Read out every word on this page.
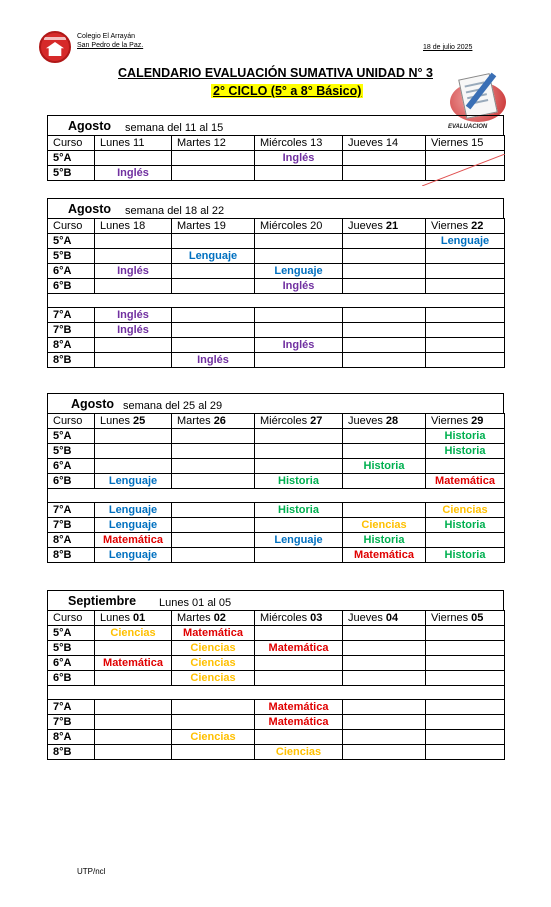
Colegio El Arrayán
San Pedro de la Paz.	18 de julio 2025
CALENDARIO EVALUACIÓN SUMATIVA UNIDAD N° 3
2° CICLO (5° a 8° Básico)
EVALUACION
Agosto semana del 11 al 15
Curso	Lunes 11	Martes 12	Miércoles 13	Jueves 14	Viernes 15
5°A			Inglés		
5°B	Inglés				
Agosto semana del 18 al 22
Curso	Lunes 18	Martes 19	Miércoles 20	Jueves 21	Viernes 22
5°A					Lenguaje
5°B		Lenguaje			
6°A	Inglés		Lenguaje		
6°B			Inglés		

7°A	Inglés				
7°B	Inglés				
8°A			Inglés		
8°B		Inglés			
Agosto semana del 25 al 29
Curso	Lunes 25	Martes 26	Miércoles 27	Jueves 28	Viernes 29
5°A					Historia
5°B					Historia
6°A				Historia	
6°B	Lenguaje		Historia		Matemática

7°A	Lenguaje		Historia		Ciencias
7°B	Lenguaje			Ciencias	Historia
8°A	Matemática		Lenguaje	Historia	
8°B	Lenguaje			Matemática	Historia
Septiembre Lunes 01 al 05
Curso	Lunes 01	Martes 02	Miércoles 03	Jueves 04	Viernes 05
5°A	Ciencias	Matemática			
5°B		Ciencias	Matemática		
6°A	Matemática	Ciencias			
6°B		Ciencias			

7°A			Matemática		
7°B			Matemática		
8°A		Ciencias			
8°B			Ciencias		
UTP/ncl
